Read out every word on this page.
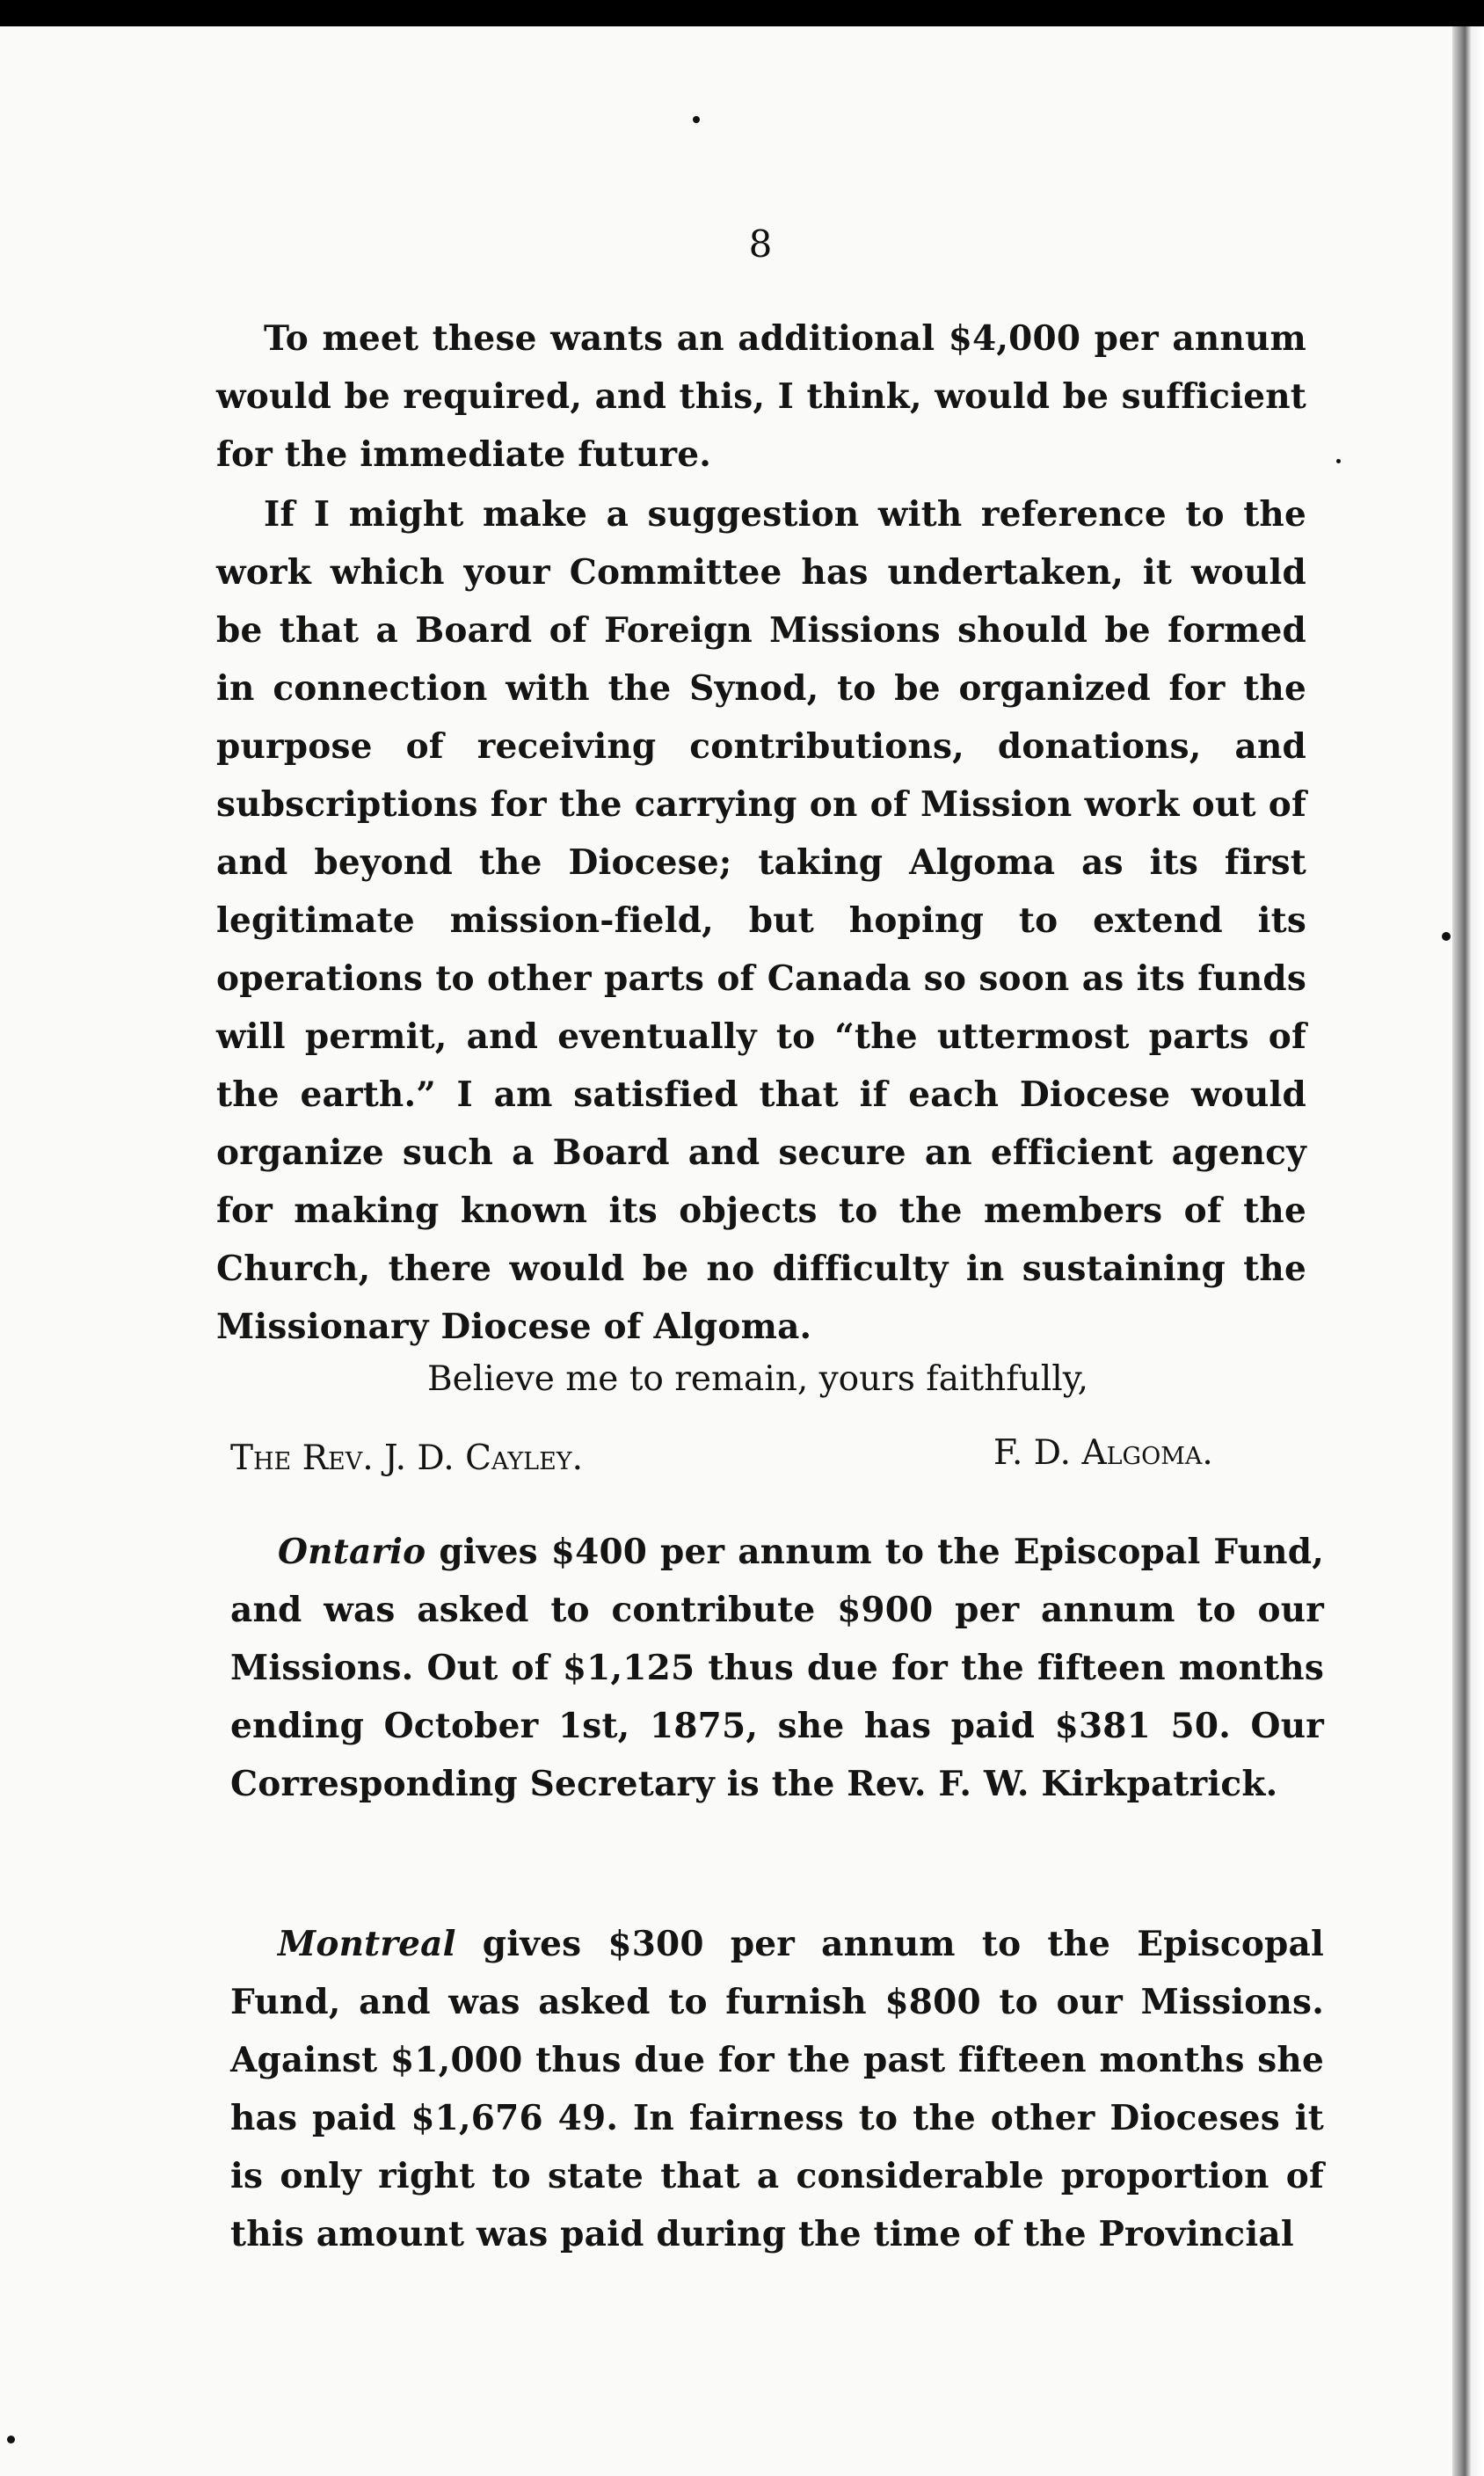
8

To meet these wants an additional $4,000 per annum would be required, and this, I think, would be sufficient for the immediate future.

If I might make a suggestion with reference to the work which your Committee has undertaken, it would be that a Board of Foreign Missions should be formed in connection with the Synod, to be organized for the purpose of receiving contributions, donations, and subscriptions for the carrying on of Mission work out of and beyond the Diocese; taking Algoma as its first legitimate mission-field, but hoping to extend its operations to other parts of Canada so soon as its funds will permit, and eventually to “the uttermost parts of the earth.” I am satisfied that if each Diocese would organize such a Board and secure an efficient agency for making known its objects to the members of the Church, there would be no difficulty in sustaining the Missionary Diocese of Algoma.

Believe me to remain, yours faithfully,
The Rev. J. D. Cayley.	F. D. Algoma.

Ontario gives $400 per annum to the Episcopal Fund, and was asked to contribute $900 per annum to our Missions. Out of $1,125 thus due for the fifteen months ending October 1st, 1875, she has paid $381 50. Our Corresponding Secretary is the Rev. F. W. Kirkpatrick.

Montreal gives $300 per annum to the Episcopal Fund, and was asked to furnish $800 to our Missions. Against $1,000 thus due for the past fifteen months she has paid $1,676 49. In fairness to the other Dioceses it is only right to state that a considerable proportion of this amount was paid during the time of the Provincial
